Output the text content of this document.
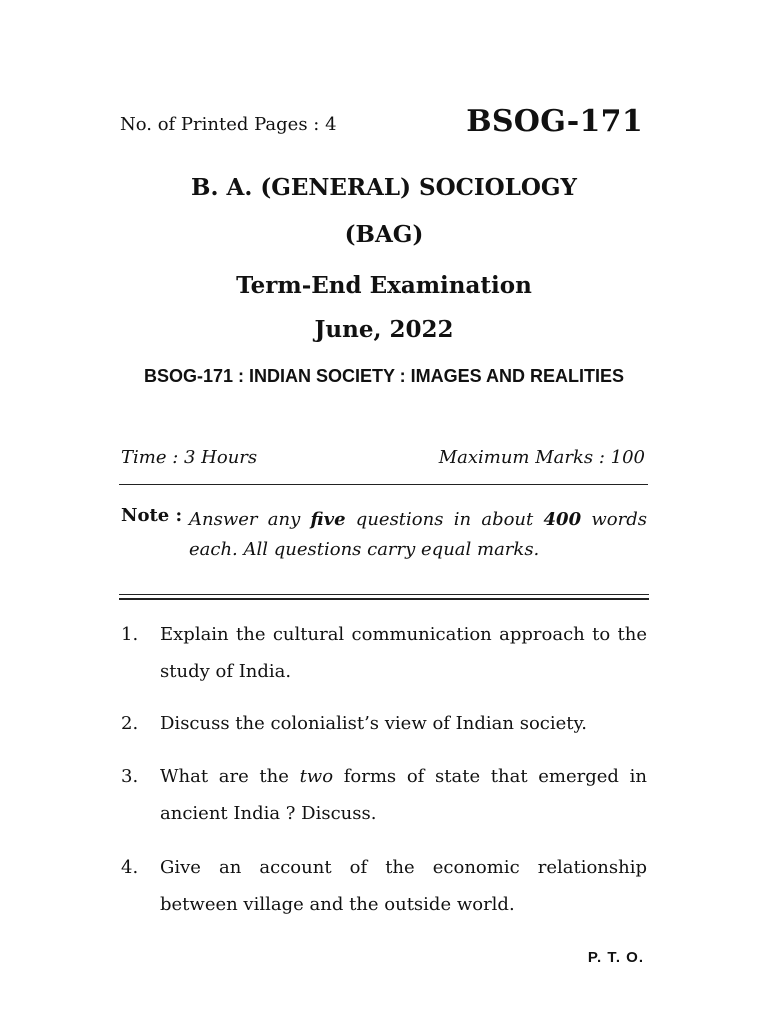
No. of Printed Pages : 4	BSOG-171
B. A. (GENERAL) SOCIOLOGY
(BAG)
Term-End Examination
June, 2022
BSOG-171 : INDIAN SOCIETY : IMAGES AND REALITIES
Time : 3 Hours	Maximum Marks : 100
Note : Answer any five questions in about 400 words each. All questions carry equal marks.
1. Explain the cultural communication approach to the study of India.
2. Discuss the colonialist’s view of Indian society.
3. What are the two forms of state that emerged in ancient India ? Discuss.
4. Give an account of the economic relationship between village and the outside world.
P. T. O.
